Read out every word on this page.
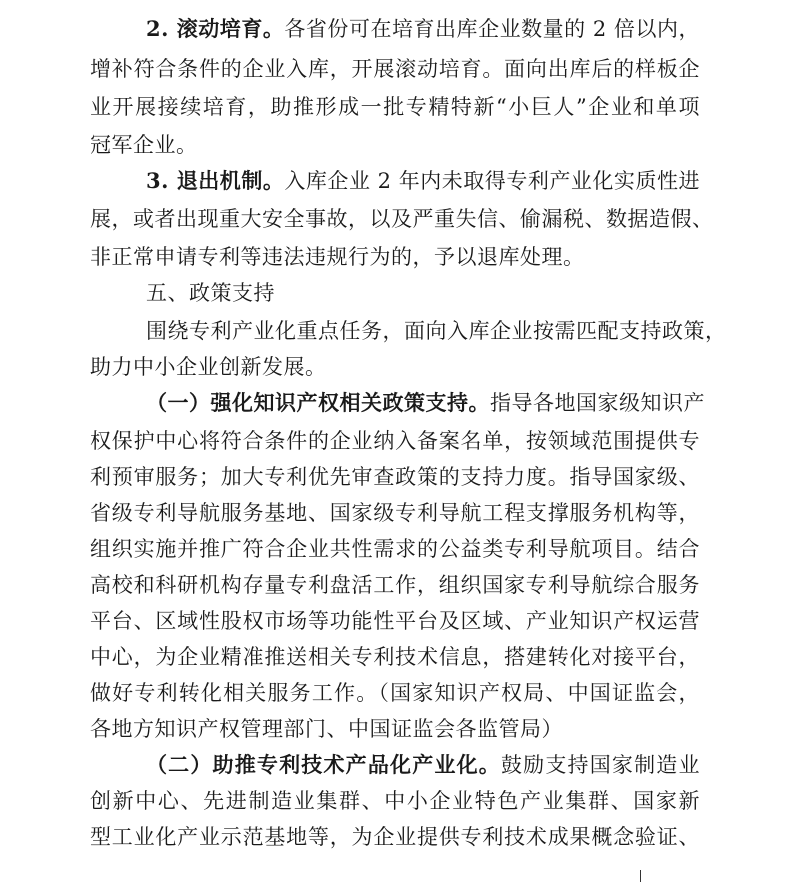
2. 滚动培育。各省份可在培育出库企业数量的 2 倍以内，
增补符合条件的企业入库，开展滚动培育。面向出库后的样板企
业开展接续培育，助推形成一批专精特新“小巨人”企业和单项
冠军企业。
3. 退出机制。入库企业 2 年内未取得专利产业化实质性进
展，或者出现重大安全事故，以及严重失信、偷漏税、数据造假、
非正常申请专利等违法违规行为的，予以退库处理。
五、政策支持
围绕专利产业化重点任务，面向入库企业按需匹配支持政策，
助力中小企业创新发展。
（一）强化知识产权相关政策支持。指导各地国家级知识产
权保护中心将符合条件的企业纳入备案名单，按领域范围提供专
利预审服务；加大专利优先审查政策的支持力度。指导国家级、
省级专利导航服务基地、国家级专利导航工程支撑服务机构等，
组织实施并推广符合企业共性需求的公益类专利导航项目。结合
高校和科研机构存量专利盘活工作，组织国家专利导航综合服务
平台、区域性股权市场等功能性平台及区域、产业知识产权运营
中心，为企业精准推送相关专利技术信息，搭建转化对接平台，
做好专利转化相关服务工作。（国家知识产权局、中国证监会，
各地方知识产权管理部门、中国证监会各监管局）
（二）助推专利技术产品化产业化。鼓励支持国家制造业
创新中心、先进制造业集群、中小企业特色产业集群、国家新
型工业化产业示范基地等，为企业提供专利技术成果概念验证、
